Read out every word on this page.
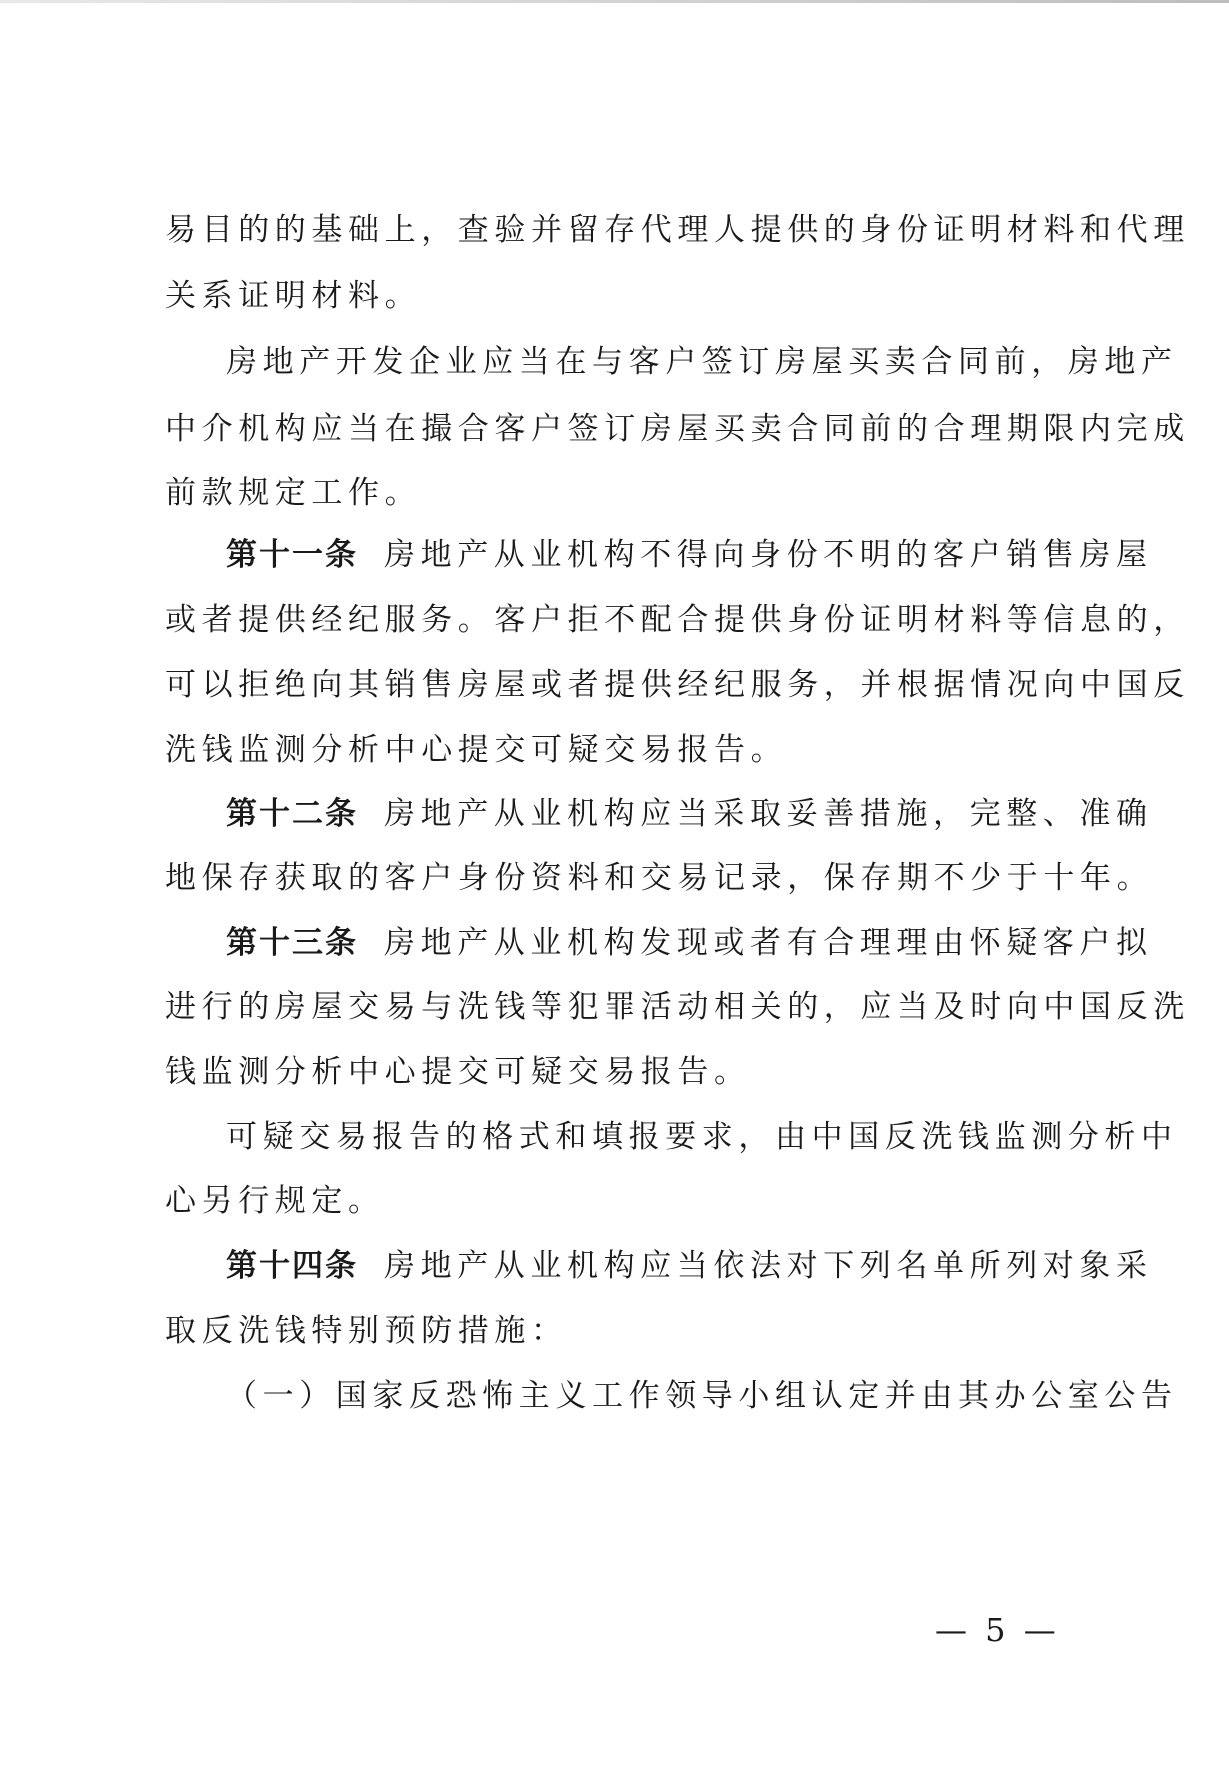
易目的的基础上，查验并留存代理人提供的身份证明材料和代理
关系证明材料。
房地产开发企业应当在与客户签订房屋买卖合同前，房地产
中介机构应当在撮合客户签订房屋买卖合同前的合理期限内完成
前款规定工作。
第十一条 房地产从业机构不得向身份不明的客户销售房屋
或者提供经纪服务。客户拒不配合提供身份证明材料等信息的，
可以拒绝向其销售房屋或者提供经纪服务，并根据情况向中国反
洗钱监测分析中心提交可疑交易报告。
第十二条 房地产从业机构应当采取妥善措施，完整、准确
地保存获取的客户身份资料和交易记录，保存期不少于十年。
第十三条 房地产从业机构发现或者有合理理由怀疑客户拟
进行的房屋交易与洗钱等犯罪活动相关的，应当及时向中国反洗
钱监测分析中心提交可疑交易报告。
可疑交易报告的格式和填报要求，由中国反洗钱监测分析中
心另行规定。
第十四条 房地产从业机构应当依法对下列名单所列对象采
取反洗钱特别预防措施：
（一）国家反恐怖主义工作领导小组认定并由其办公室公告
— 5 —
